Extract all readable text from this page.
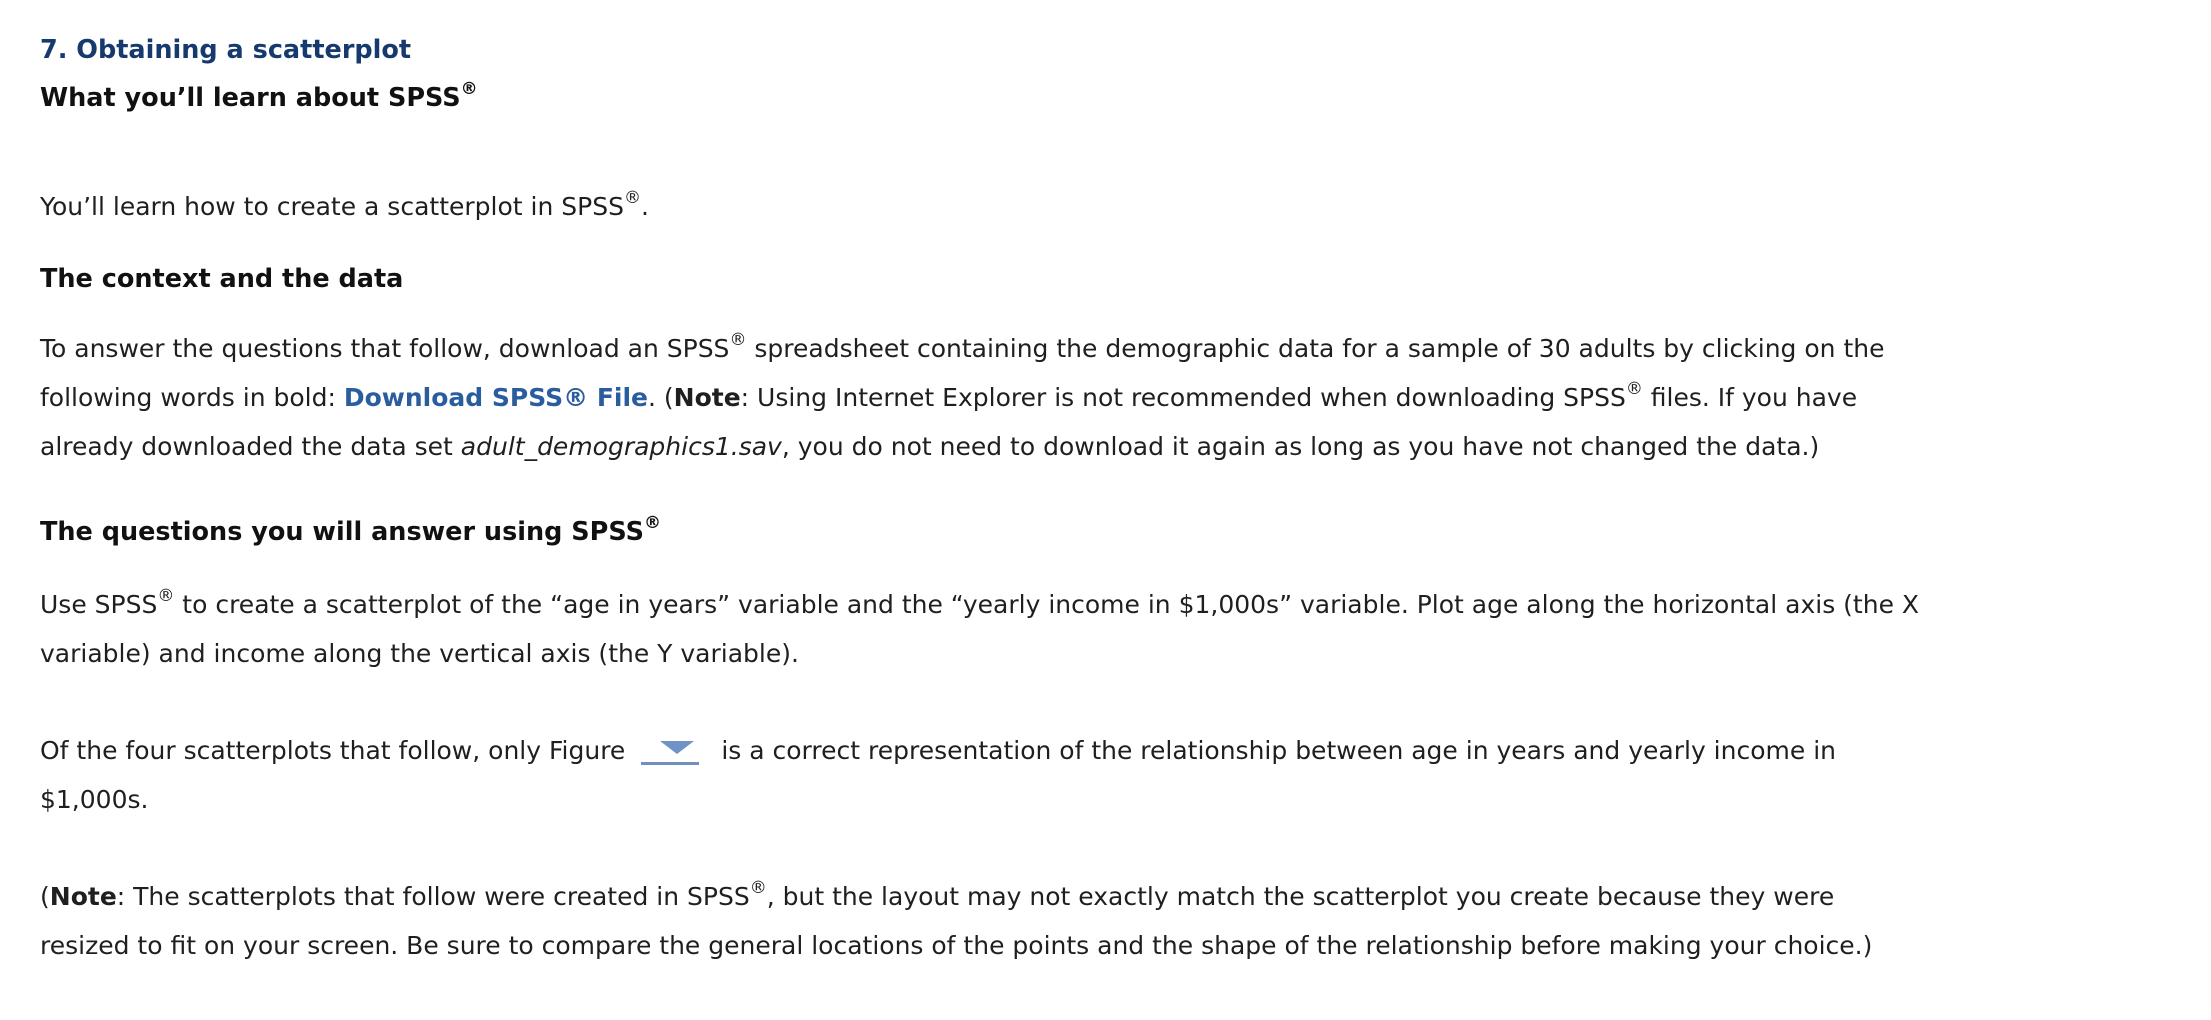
7. Obtaining a scatterplot
What you’ll learn about SPSS®
You’ll learn how to create a scatterplot in SPSS®.
The context and the data
To answer the questions that follow, download an SPSS® spreadsheet containing the demographic data for a sample of 30 adults by clicking on the
following words in bold: Download SPSS® File. (Note: Using Internet Explorer is not recommended when downloading SPSS® files. If you have
already downloaded the data set adult_demographics1.sav, you do not need to download it again as long as you have not changed the data.)
The questions you will answer using SPSS®
Use SPSS® to create a scatterplot of the “age in years” variable and the “yearly income in $1,000s” variable. Plot age along the horizontal axis (the X
variable) and income along the vertical axis (the Y variable).
Of the four scatterplots that follow, only Figure	is a correct representation of the relationship between age in years and yearly income in
$1,000s.
(Note: The scatterplots that follow were created in SPSS®, but the layout may not exactly match the scatterplot you create because they were
resized to fit on your screen. Be sure to compare the general locations of the points and the shape of the relationship before making your choice.)
